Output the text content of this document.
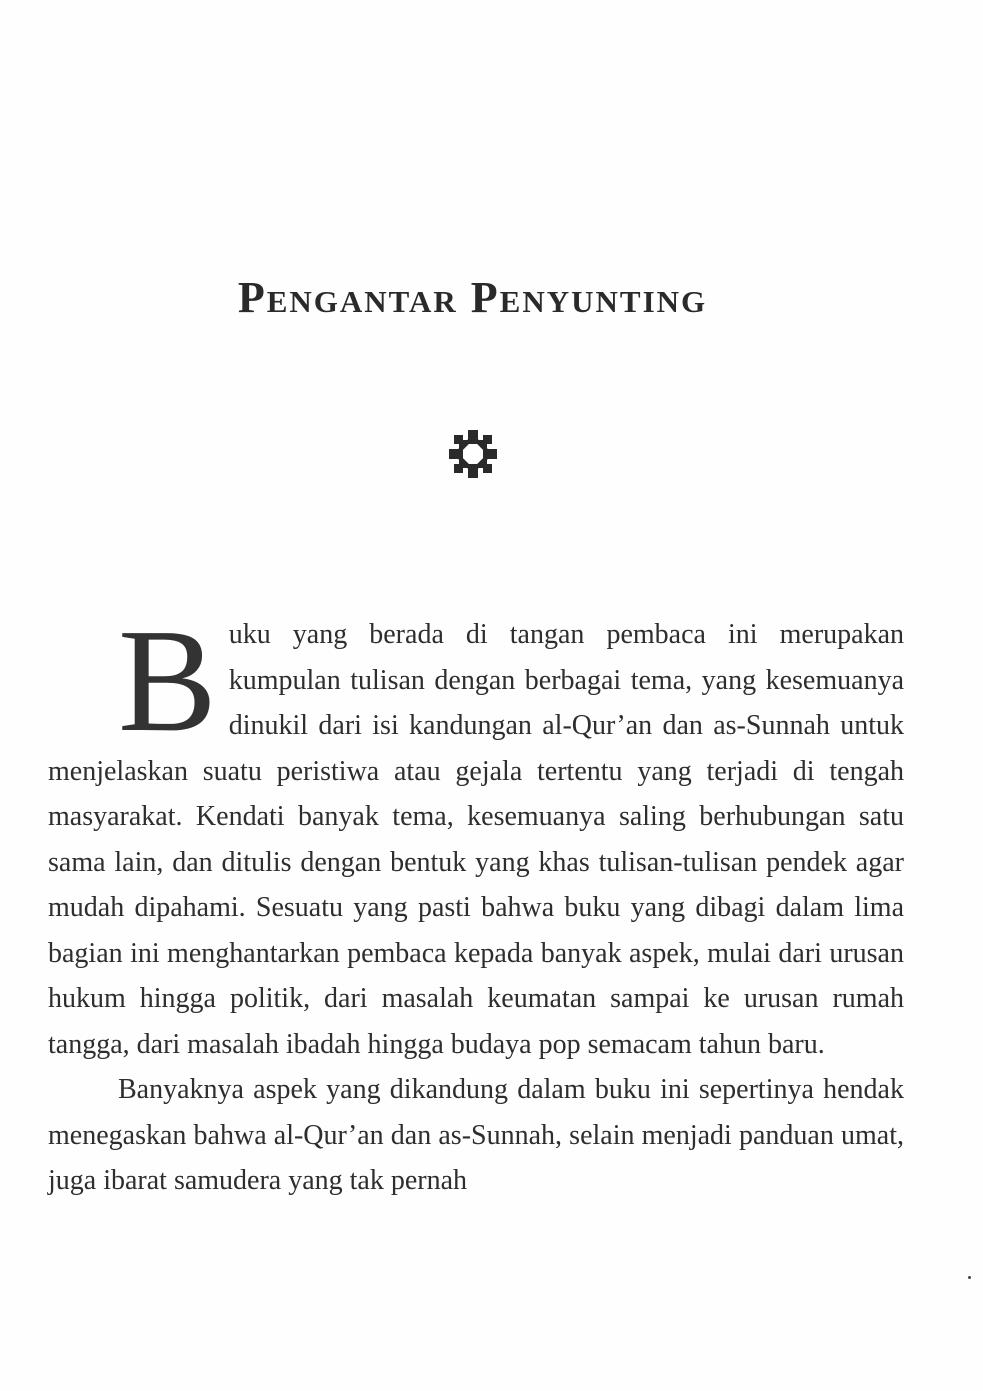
Pengantar Penyunting

Buku yang berada di tangan pembaca ini merupakan kumpulan tulisan dengan berbagai tema, yang kesemuanya dinukil dari isi kandungan al-Qur’an dan as-Sunnah untuk menjelaskan suatu peristiwa atau gejala tertentu yang terjadi di tengah masyarakat. Kendati banyak tema, kesemuanya saling berhubungan satu sama lain, dan ditulis dengan bentuk yang khas tulisan-tulisan pendek agar mudah dipahami. Sesuatu yang pasti bahwa buku yang dibagi dalam lima bagian ini menghantarkan pembaca kepada banyak aspek, mulai dari urusan hukum hingga politik, dari masalah keumatan sampai ke urusan rumah tangga, dari masalah ibadah hingga budaya pop semacam tahun baru.

Banyaknya aspek yang dikandung dalam buku ini sepertinya hendak menegaskan bahwa al-Qur’an dan as-Sunnah, selain menjadi panduan umat, juga ibarat samudera yang tak pernah
